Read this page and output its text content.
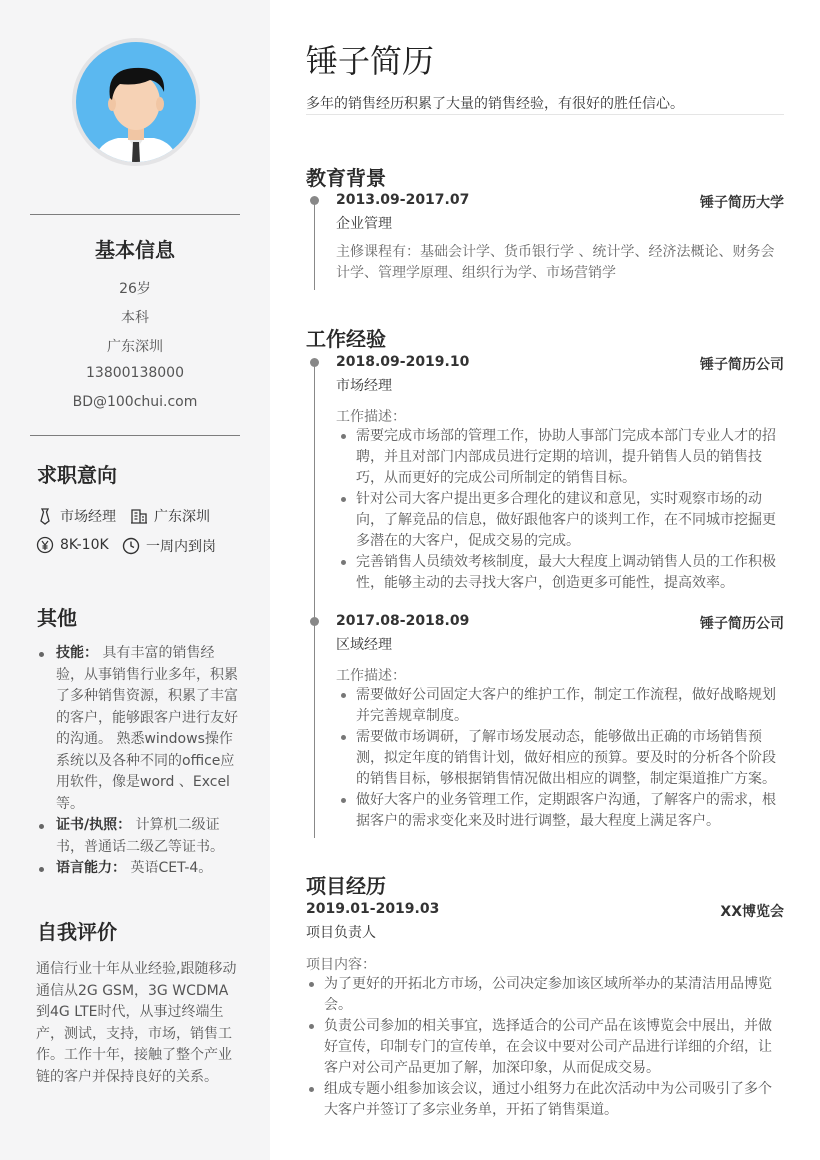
基本信息
26岁
本科
广东深圳
13800138000
BD@100chui.com
求职意向
市场经理	广东深圳
8K-10K	一周内到岗
其他
技能： 具有丰富的销售经验，从事销售行业多年，积累了多种销售资源，积累了丰富的客户，能够跟客户进行友好的沟通。 熟悉windows操作系统以及各种不同的office应用软件，像是word 、Excel等。
证书/执照： 计算机二级证书，普通话二级乙等证书。
语言能力： 英语CET-4。
自我评价
通信行业十年从业经验,跟随移动通信从2G GSM，3G WCDMA到4G LTE时代，从事过终端生产，测试，支持，市场，销售工作。工作十年，接触了整个产业链的客户并保持良好的关系。
锤子简历
多年的销售经历积累了大量的销售经验，有很好的胜任信心。
教育背景
2013.09-2017.07	锤子简历大学
企业管理
主修课程有：基础会计学、货币银行学 、统计学、经济法概论、财务会计学、管理学原理、组织行为学、市场营销学
工作经验
2018.09-2019.10	锤子简历公司
市场经理
工作描述：
需要完成市场部的管理工作，协助人事部门完成本部门专业人才的招聘，并且对部门内部成员进行定期的培训，提升销售人员的销售技巧，从而更好的完成公司所制定的销售目标。
针对公司大客户提出更多合理化的建议和意见，实时观察市场的动向，了解竞品的信息，做好跟他客户的谈判工作，在不同城市挖掘更多潜在的大客户，促成交易的完成。
完善销售人员绩效考核制度，最大大程度上调动销售人员的工作积极性，能够主动的去寻找大客户，创造更多可能性，提高效率。
2017.08-2018.09	锤子简历公司
区域经理
工作描述：
需要做好公司固定大客户的维护工作，制定工作流程，做好战略规划并完善规章制度。
需要做市场调研，了解市场发展动态，能够做出正确的市场销售预测，拟定年度的销售计划，做好相应的预算。要及时的分析各个阶段的销售目标，够根据销售情况做出相应的调整，制定渠道推广方案。
做好大客户的业务管理工作，定期跟客户沟通，了解客户的需求，根据客户的需求变化来及时进行调整，最大程度上满足客户。
项目经历
2019.01-2019.03	XX博览会
项目负责人
项目内容：
为了更好的开拓北方市场，公司决定参加该区域所举办的某清洁用品博览会。
负责公司参加的相关事宜，选择适合的公司产品在该博览会中展出，并做好宣传，印制专门的宣传单，在会议中要对公司产品进行详细的介绍，让客户对公司产品更加了解，加深印象，从而促成交易。
组成专题小组参加该会议，通过小组努力在此次活动中为公司吸引了多个大客户并签订了多宗业务单，开拓了销售渠道。
